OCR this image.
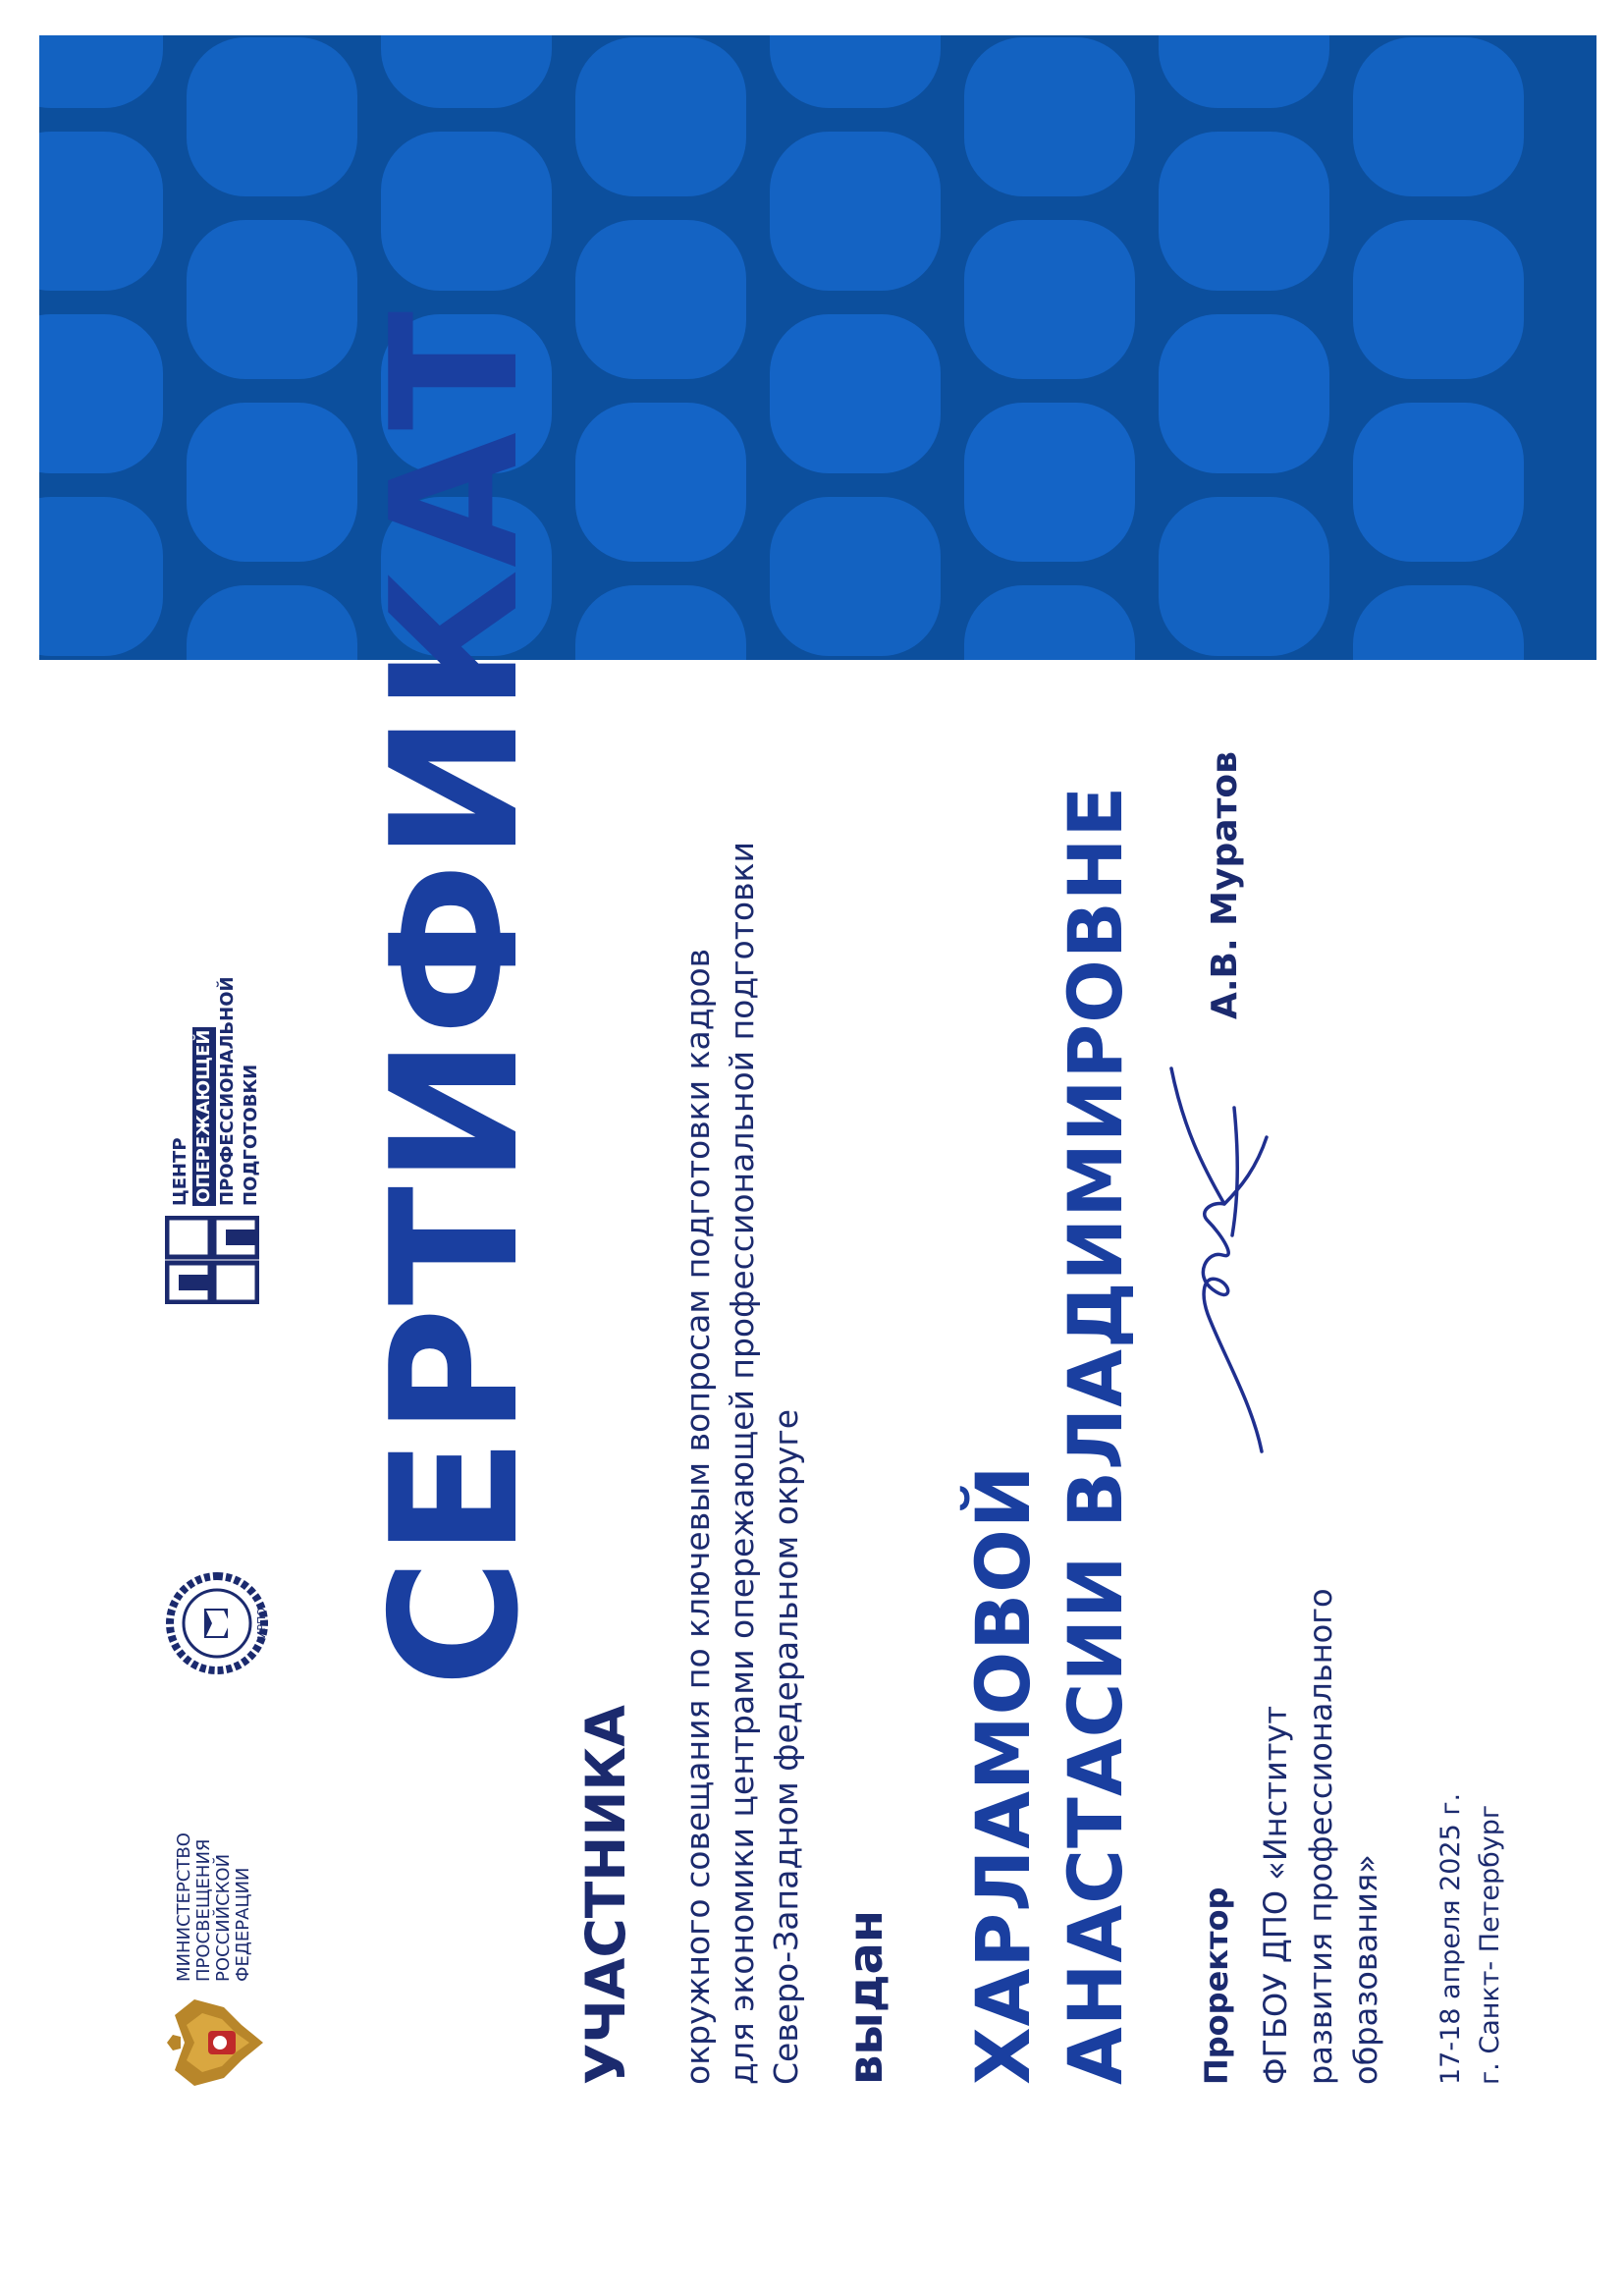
МИНИСТЕРСТВО ПРОСВЕЩЕНИЯ РОССИЙСКОЙ ФЕДЕРАЦИИ
ИРПО
ЦЕНТР ОПЕРЕЖАЮЩЕЙ ПРОФЕССИОНАЛЬНОЙ ПОДГОТОВКИ СЕРТИФИКАТ
УЧАСТНИКА окружного совещания по ключевым вопросам подготовки кадров для экономики центрами опережающей профессиональной подготовки Северо-Западном федеральном округе выдан ХАРЛАМОВОЙ АНАСТАСИИ ВЛАДИМИРОВНЕ Проректор ФГБОУ ДПО «Институт развития профессионального образования»
А.В. Муратов
17-18 апреля 2025 г. г. Санкт- Петербург
